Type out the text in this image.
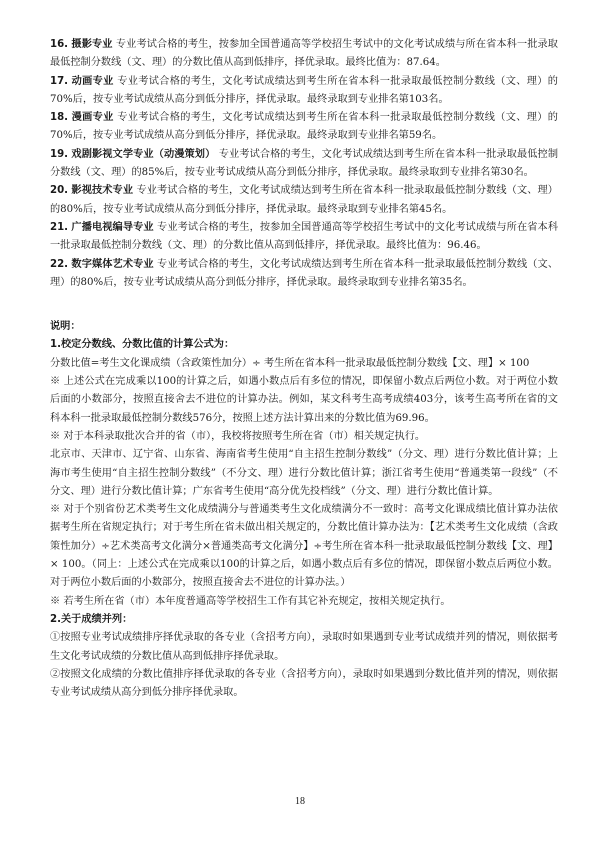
16. 摄影专业 专业考试合格的考生，按参加全国普通高等学校招生考试中的文化考试成绩与所在省本科一批录取最低控制分数线（文、理）的分数比值从高到低排序，择优录取。最终比值为：87.64。

17. 动画专业 专业考试合格的考生，文化考试成绩达到考生所在省本科一批录取最低控制分数线（文、理）的70%后，按专业考试成绩从高分到低分排序，择优录取。最终录取到专业排名第103名。

18. 漫画专业 专业考试合格的考生，文化考试成绩达到考生所在省本科一批录取最低控制分数线（文、理）的70%后，按专业考试成绩从高分到低分排序，择优录取。最终录取到专业排名第59名。

19. 戏剧影视文学专业（动漫策划） 专业考试合格的考生，文化考试成绩达到考生所在省本科一批录取最低控制分数线（文、理）的85%后，按专业考试成绩从高分到低分排序，择优录取。最终录取到专业排名第30名。

20. 影视技术专业 专业考试合格的考生，文化考试成绩达到考生所在省本科一批录取最低控制分数线（文、理）的80%后，按专业考试成绩从高分到低分排序，择优录取。最终录取到专业排名第45名。

21. 广播电视编导专业 专业考试合格的考生，按参加全国普通高等学校招生考试中的文化考试成绩与所在省本科一批录取最低控制分数线（文、理）的分数比值从高到低排序，择优录取。最终比值为：96.46。

22. 数字媒体艺术专业 专业考试合格的考生，文化考试成绩达到考生所在省本科一批录取最低控制分数线（文、理）的80%后，按专业考试成绩从高分到低分排序，择优录取。最终录取到专业排名第35名。

说明：

1.校定分数线、分数比值的计算公式为：

分数比值=考生文化课成绩（含政策性加分）÷ 考生所在省本科一批录取最低控制分数线【文、理】× 100

※ 上述公式在完成乘以100的计算之后，如遇小数点后有多位的情况，即保留小数点后两位小数。对于两位小数后面的小数部分，按照直接舍去不进位的计算办法。例如，某文科考生高考成绩403分，该考生高考所在省的文科本科一批录取最低控制分数线576分，按照上述方法计算出来的分数比值为69.96。

※ 对于本科录取批次合并的省（市），我校将按照考生所在省（市）相关规定执行。

北京市、天津市、辽宁省、山东省、海南省考生使用“自主招生控制分数线”（分文、理）进行分数比值计算；上海市考生使用“自主招生控制分数线”（不分文、理）进行分数比值计算；浙江省考生使用“普通类第一段线”（不分文、理）进行分数比值计算；广东省考生使用“高分优先投档线”（分文、理）进行分数比值计算。

※ 对于个别省份艺术类考生文化成绩满分与普通类考生文化成绩满分不一致时：高考文化课成绩比值计算办法依据考生所在省规定执行；对于考生所在省未做出相关规定的，分数比值计算办法为：【艺术类考生文化成绩（含政策性加分）÷艺术类高考文化满分×普通类高考文化满分】÷考生所在省本科一批录取最低控制分数线【文、理】× 100。（同上：上述公式在完成乘以100的计算之后，如遇小数点后有多位的情况，即保留小数点后两位小数。对于两位小数后面的小数部分，按照直接舍去不进位的计算办法。）

※ 若考生所在省（市）本年度普通高等学校招生工作有其它补充规定，按相关规定执行。

2.关于成绩并列：

①按照专业考试成绩排序择优录取的各专业（含招考方向），录取时如果遇到专业考试成绩并列的情况，则依据考生文化考试成绩的分数比值从高到低排序择优录取。

②按照文化成绩的分数比值排序择优录取的各专业（含招考方向），录取时如果遇到分数比值并列的情况，则依据专业考试成绩从高分到低分排序择优录取。

18
